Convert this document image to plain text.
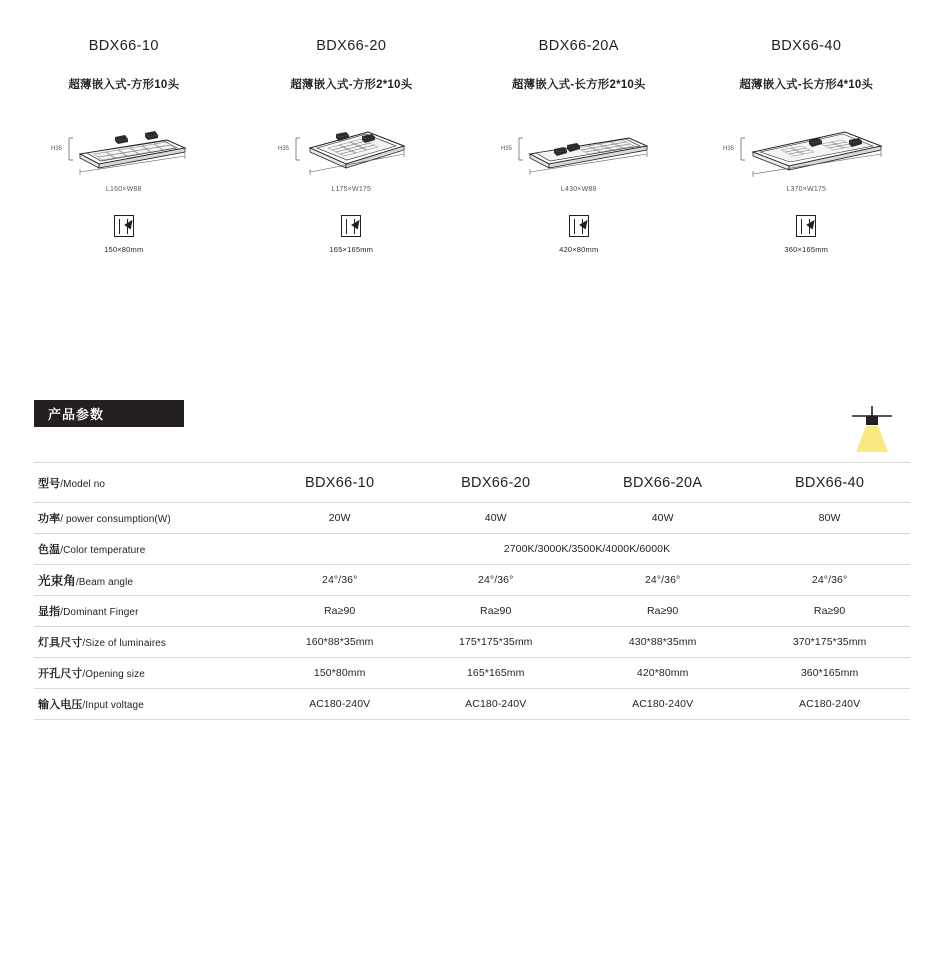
BDX66-10
超薄嵌入式-方形10头
H35
L160×W88
150×80mm
BDX66-20
超薄嵌入式-方形2*10头
H35
L175×W175
165×165mm
BDX66-20A
超薄嵌入式-长方形2*10头
H35
L430×W88
420×80mm
BDX66-40
超薄嵌入式-长方形4*10头
H35
L370×W175
360×165mm
产品参数
型号/Model no	BDX66-10	BDX66-20	BDX66-20A	BDX66-40
功率/ power consumption(W)	20W	40W	40W	80W
色温/Color temperature	2700K/3000K/3500K/4000K/6000K			
光束角/Beam angle	24°/36°	24°/36°	24°/36°	24°/36°
显指/Dominant Finger	Ra≥90	Ra≥90	Ra≥90	Ra≥90
灯具尺寸/Size of luminaires	160*88*35mm	175*175*35mm	430*88*35mm	370*175*35mm
开孔尺寸/Opening size	150*80mm	165*165mm	420*80mm	360*165mm
输入电压/Input voltage	AC180-240V	AC180-240V	AC180-240V	AC180-240V
